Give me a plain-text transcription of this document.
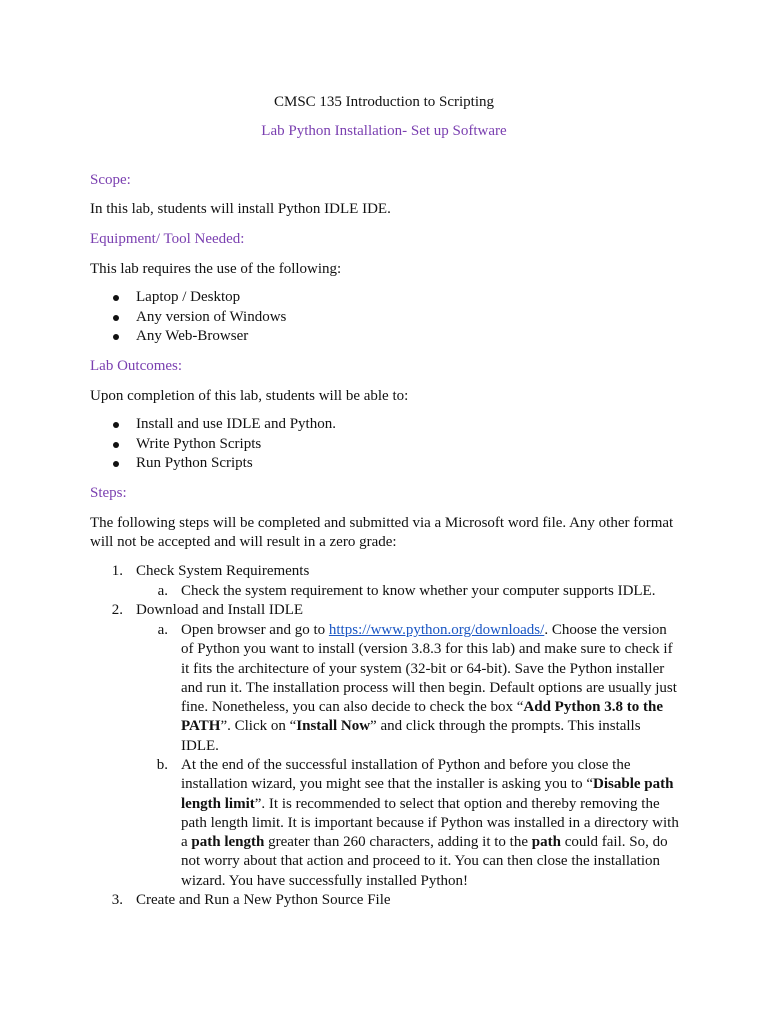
CMSC 135 Introduction to Scripting
Lab Python Installation- Set up Software
Scope:
In this lab, students will install Python IDLE IDE.
Equipment/ Tool Needed:
This lab requires the use of the following:
Laptop / Desktop
Any version of Windows
Any Web-Browser
Lab Outcomes:
Upon completion of this lab, students will be able to:
Install and use IDLE and Python.
Write Python Scripts
Run Python Scripts
Steps:
The following steps will be completed and submitted via a Microsoft word file. Any other format
will not be accepted and will result in a zero grade:
1. Check System Requirements
a. Check the system requirement to know whether your computer supports IDLE.
2. Download and Install IDLE
a. Open browser and go to https://www.python.org/downloads/. Choose the version of Python you want to install (version 3.8.3 for this lab) and make sure to check if it fits the architecture of your system (32-bit or 64-bit). Save the Python installer and run it. The installation process will then begin. Default options are usually just fine. Nonetheless, you can also decide to check the box “Add Python 3.8 to the PATH”. Click on “Install Now” and click through the prompts. This installs IDLE.
b. At the end of the successful installation of Python and before you close the installation wizard, you might see that the installer is asking you to “Disable path length limit”. It is recommended to select that option and thereby removing the path length limit. It is important because if Python was installed in a directory with a path length greater than 260 characters, adding it to the path could fail. So, do not worry about that action and proceed to it. You can then close the installation wizard. You have successfully installed Python!
3. Create and Run a New Python Source File
